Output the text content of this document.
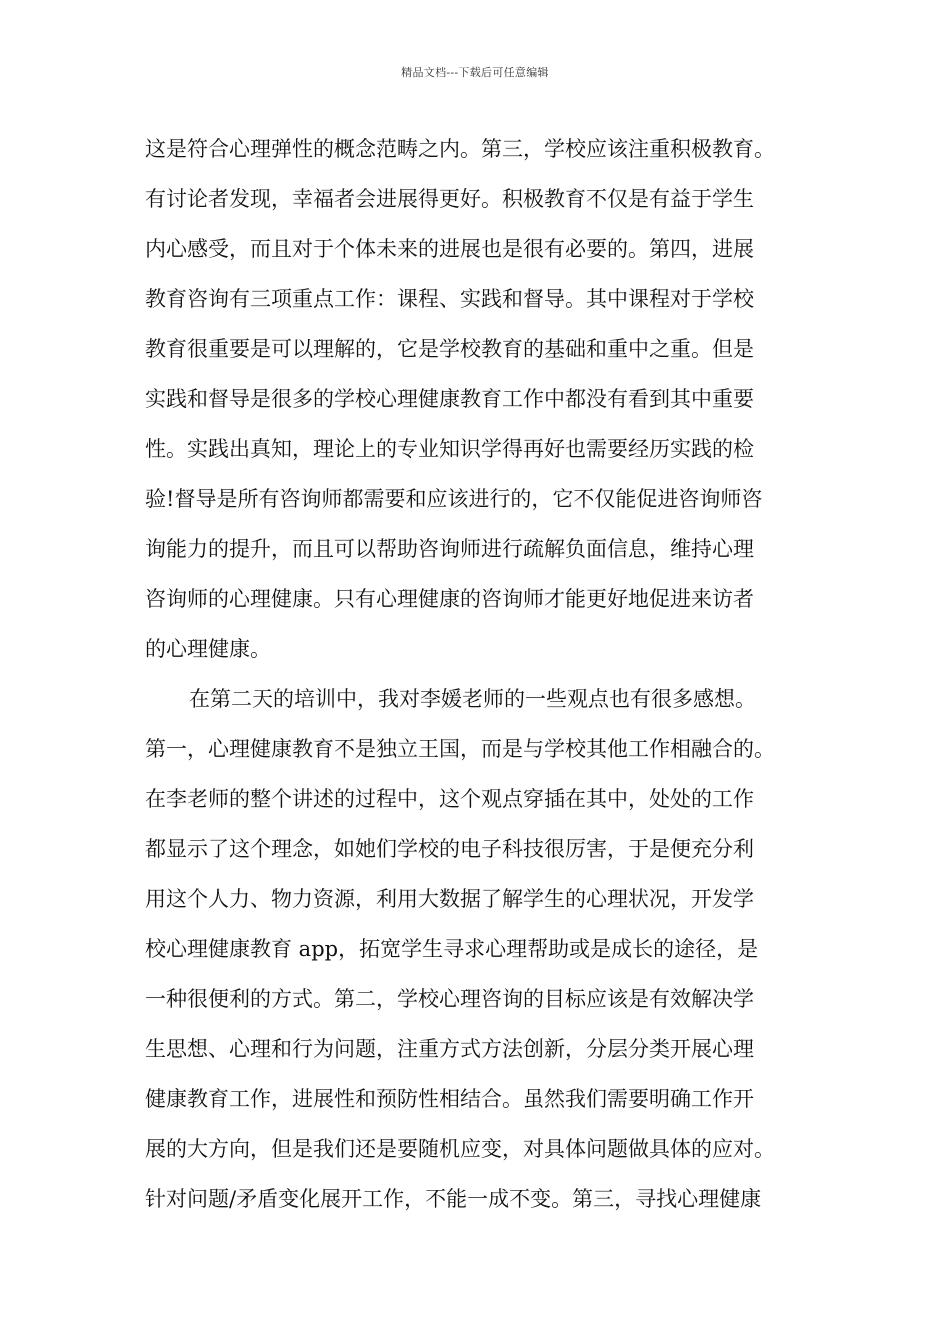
精品文档---下载后可任意编辑
这是符合心理弹性的概念范畴之内。第三，学校应该注重积极教育。
有讨论者发现，幸福者会进展得更好。积极教育不仅是有益于学生
内心感受，而且对于个体未来的进展也是很有必要的。第四，进展
教育咨询有三项重点工作：课程、实践和督导。其中课程对于学校
教育很重要是可以理解的，它是学校教育的基础和重中之重。但是
实践和督导是很多的学校心理健康教育工作中都没有看到其中重要
性。实践出真知，理论上的专业知识学得再好也需要经历实践的检
验!督导是所有咨询师都需要和应该进行的，它不仅能促进咨询师咨
询能力的提升，而且可以帮助咨询师进行疏解负面信息，维持心理
咨询师的心理健康。只有心理健康的咨询师才能更好地促进来访者
的心理健康。
在第二天的培训中，我对李媛老师的一些观点也有很多感想。
第一，心理健康教育不是独立王国，而是与学校其他工作相融合的。
在李老师的整个讲述的过程中，这个观点穿插在其中，处处的工作
都显示了这个理念，如她们学校的电子科技很厉害，于是便充分利
用这个人力、物力资源，利用大数据了解学生的心理状况，开发学
校心理健康教育 app，拓宽学生寻求心理帮助或是成长的途径，是
一种很便利的方式。第二，学校心理咨询的目标应该是有效解决学
生思想、心理和行为问题，注重方式方法创新，分层分类开展心理
健康教育工作，进展性和预防性相结合。虽然我们需要明确工作开
展的大方向，但是我们还是要随机应变，对具体问题做具体的应对。
针对问题/矛盾变化展开工作，不能一成不变。第三，寻找心理健康
